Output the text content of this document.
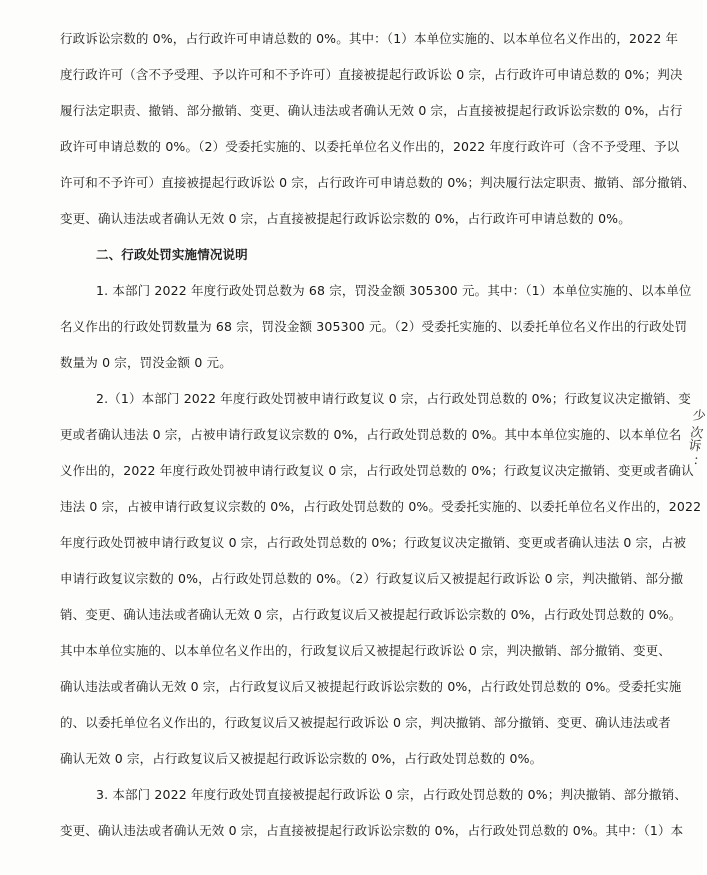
行政诉讼宗数的 0%，占行政许可申请总数的 0%。其中：（1）本单位实施的、以本单位名义作出的，2022 年
度行政许可（含不予受理、予以许可和不予许可）直接被提起行政诉讼 0 宗，占行政许可申请总数的 0%；判决
履行法定职责、撤销、部分撤销、变更、确认违法或者确认无效 0 宗，占直接被提起行政诉讼宗数的 0%，占行
政许可申请总数的 0%。（2）受委托实施的、以委托单位名义作出的，2022 年度行政许可（含不予受理、予以
许可和不予许可）直接被提起行政诉讼 0 宗，占行政许可申请总数的 0%；判决履行法定职责、撤销、部分撤销、
变更、确认违法或者确认无效 0 宗，占直接被提起行政诉讼宗数的 0%，占行政许可申请总数的 0%。
二、行政处罚实施情况说明
1. 本部门 2022 年度行政处罚总数为 68 宗，罚没金额 305300 元。其中：（1）本单位实施的、以本单位
名义作出的行政处罚数量为 68 宗，罚没金额 305300 元。（2）受委托实施的、以委托单位名义作出的行政处罚
数量为 0 宗，罚没金额 0 元。
2.（1）本部门 2022 年度行政处罚被申请行政复议 0 宗，占行政处罚总数的 0%；行政复议决定撤销、变
更或者确认违法 0 宗，占被申请行政复议宗数的 0%，占行政处罚总数的 0%。其中本单位实施的、以本单位名
义作出的，2022 年度行政处罚被申请行政复议 0 宗，占行政处罚总数的 0%；行政复议决定撤销、变更或者确认
违法 0 宗，占被申请行政复议宗数的 0%，占行政处罚总数的 0%。受委托实施的、以委托单位名义作出的，2022
年度行政处罚被申请行政复议 0 宗，占行政处罚总数的 0%；行政复议决定撤销、变更或者确认违法 0 宗，占被
申请行政复议宗数的 0%，占行政处罚总数的 0%。（2）行政复议后又被提起行政诉讼 0 宗，判决撤销、部分撤
销、变更、确认违法或者确认无效 0 宗，占行政复议后又被提起行政诉讼宗数的 0%，占行政处罚总数的 0%。
其中本单位实施的、以本单位名义作出的，行政复议后又被提起行政诉讼 0 宗，判决撤销、部分撤销、变更、
确认违法或者确认无效 0 宗，占行政复议后又被提起行政诉讼宗数的 0%，占行政处罚总数的 0%。受委托实施
的、以委托单位名义作出的，行政复议后又被提起行政诉讼 0 宗，判决撤销、部分撤销、变更、确认违法或者
确认无效 0 宗，占行政复议后又被提起行政诉讼宗数的 0%，占行政处罚总数的 0%。
3. 本部门 2022 年度行政处罚直接被提起行政诉讼 0 宗，占行政处罚总数的 0%；判决撤销、部分撤销、
变更、确认违法或者确认无效 0 宗，占直接被提起行政诉讼宗数的 0%，占行政处罚总数的 0%。其中：（1）本
少 次诉 ：
